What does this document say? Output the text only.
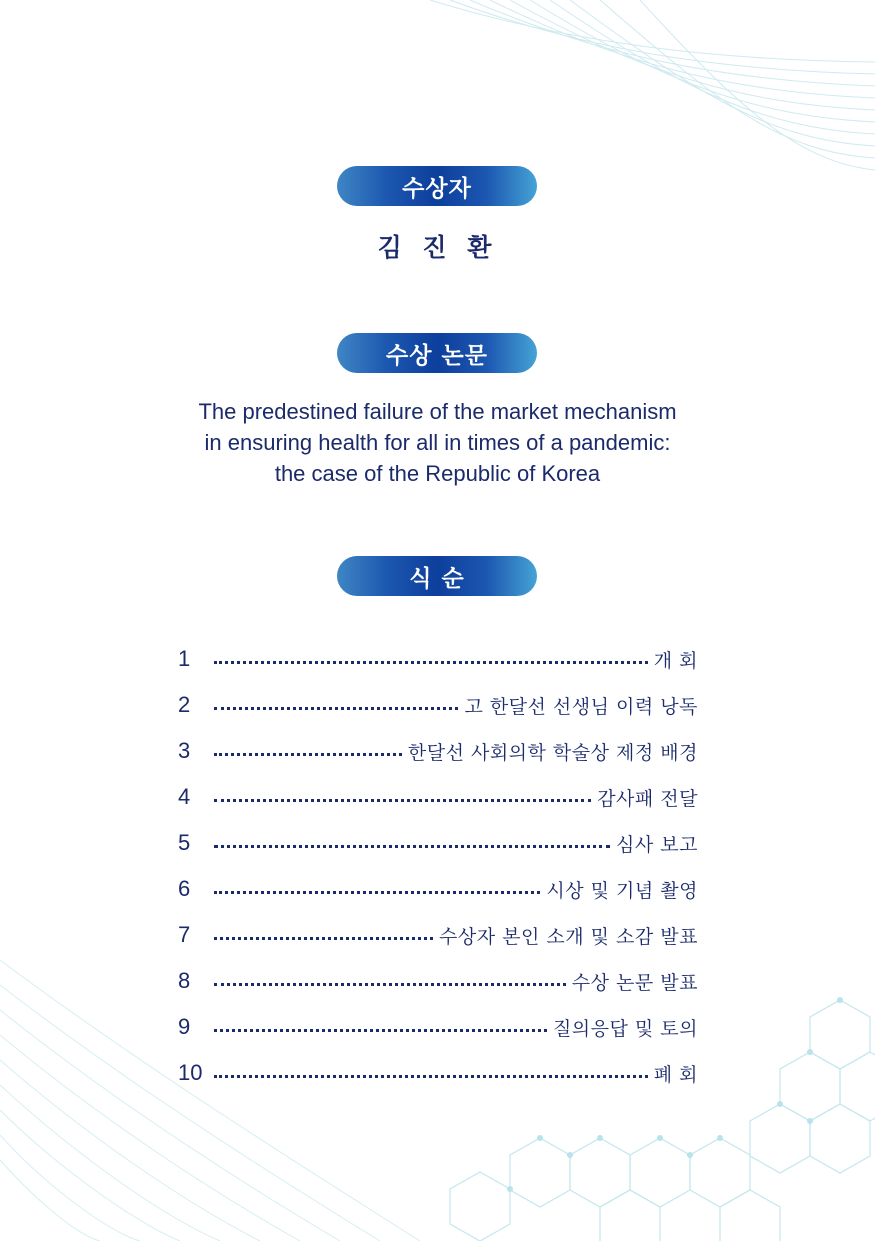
수상자
김 진 환
수상 논문
The predestined failure of the market mechanism
in ensuring health for all in times of a pandemic:
the case of the Republic of Korea
식 순
1	개 회
2	고 한달선 선생님 이력 낭독
3	한달선 사회의학 학술상 제정 배경
4	감사패 전달
5	심사 보고
6	시상 및 기념 촬영
7	수상자 본인 소개 및 소감 발표
8	수상 논문 발표
9	질의응답 및 토의
10	폐 회
